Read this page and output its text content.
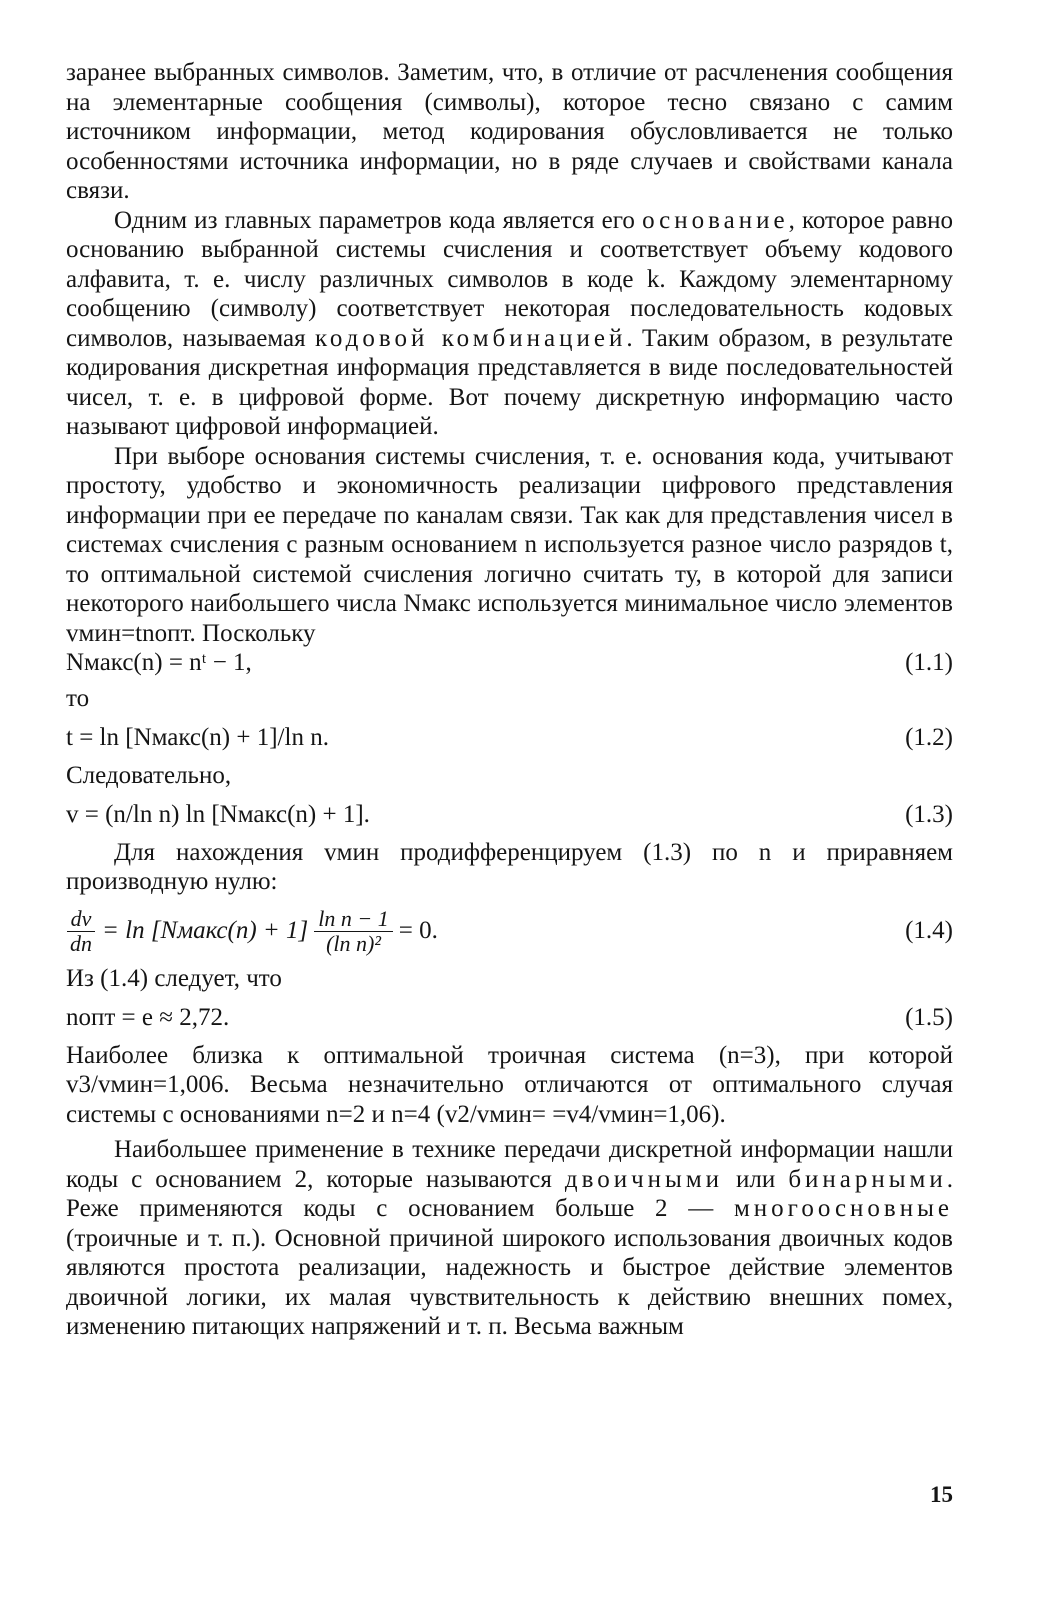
заранее выбранных символов. Заметим, что, в отличие от расчленения сообщения на элементарные сообщения (символы), которое тесно связано с самим источником информации, метод кодирования обусловливается не только особенностями источника информации, но в ряде случаев и свойствами канала связи.

Одним из главных параметров кода является его основание, которое равно основанию выбранной системы счисления и соответствует объему кодового алфавита, т. е. числу различных символов в коде k. Каждому элементарному сообщению (символу) соответствует некоторая последовательность кодовых символов, называемая кодовой комбинацией. Таким образом, в результате кодирования дискретная информация представляется в виде последовательностей чисел, т. е. в цифровой форме. Вот почему дискретную информацию часто называют цифровой информацией.

При выборе основания системы счисления, т. е. основания кода, учитывают простоту, удобство и экономичность реализации цифрового представления информации при ее передаче по каналам связи. Так как для представления чисел в системах счисления с разным основанием n используется разное число разрядов t, то оптимальной системой счисления логично считать ту, в которой для записи некоторого наибольшего числа Nмакс используется минимальное число элементов vмин=tnопт. Поскольку

Nмакс(n) = nᵗ − 1,	(1.1)

то

t = ln [Nмакс(n) + 1]/ln n.	(1.2)

Следовательно,

v = (n/ln n) ln [Nмакс(n) + 1].	(1.3)

Для нахождения vмин продифференцируем (1.3) по n и приравняем производную нулю:

$\frac{dv}{dn} = \ln$ [Nмакс(n) + $1] \frac{\text{ln n − 1}}{\text{(ln n)²}} = 0$.	(1.4)

Из (1.4) следует, что

nопт = e ≈ 2,72.	(1.5)

Наиболее близка к оптимальной троичная система (n=3), при которой v3/vмин=1,006. Весьма незначительно отличаются от оптимального случая системы с основаниями n=2 и n=4 (v2/vмин= =v4/vмин=1,06).

Наибольшее применение в технике передачи дискретной информации нашли коды с основанием 2, которые называются двоичными или бинарными. Реже применяются коды с основанием больше 2 — многоосновные (троичные и т. п.). Основной причиной широкого использования двоичных кодов являются простота реализации, надежность и быстрое действие элементов двоичной логики, их малая чувствительность к действию внешних помех, изменению питающих напряжений и т. п. Весьма важным

15
